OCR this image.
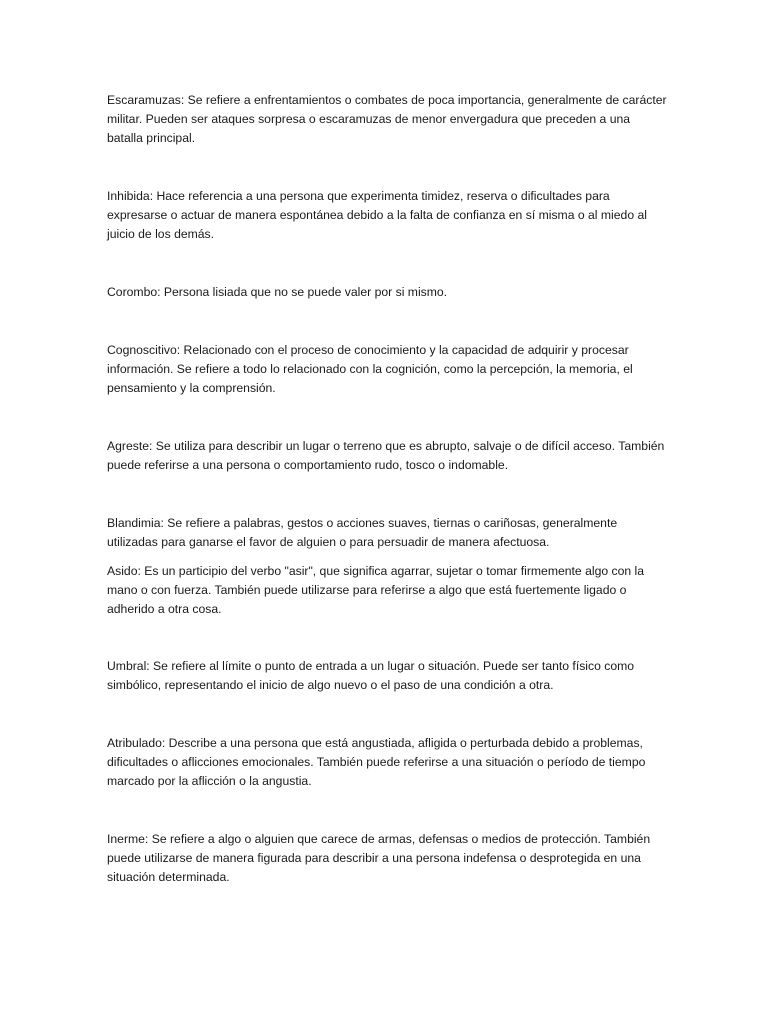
Escaramuzas: Se refiere a enfrentamientos o combates de poca importancia, generalmente de carácter militar. Pueden ser ataques sorpresa o escaramuzas de menor envergadura que preceden a una batalla principal.

Inhibida: Hace referencia a una persona que experimenta timidez, reserva o dificultades para expresarse o actuar de manera espontánea debido a la falta de confianza en sí misma o al miedo al juicio de los demás.

Corombo: Persona lisiada que no se puede valer por si mismo.

Cognoscitivo: Relacionado con el proceso de conocimiento y la capacidad de adquirir y procesar información. Se refiere a todo lo relacionado con la cognición, como la percepción, la memoria, el pensamiento y la comprensión.

Agreste: Se utiliza para describir un lugar o terreno que es abrupto, salvaje o de difícil acceso. También puede referirse a una persona o comportamiento rudo, tosco o indomable.

Blandimia: Se refiere a palabras, gestos o acciones suaves, tiernas o cariñosas, generalmente utilizadas para ganarse el favor de alguien o para persuadir de manera afectuosa.

Asido: Es un participio del verbo "asir", que significa agarrar, sujetar o tomar firmemente algo con la mano o con fuerza. También puede utilizarse para referirse a algo que está fuertemente ligado o adherido a otra cosa.

Umbral: Se refiere al límite o punto de entrada a un lugar o situación. Puede ser tanto físico como simbólico, representando el inicio de algo nuevo o el paso de una condición a otra.

Atribulado: Describe a una persona que está angustiada, afligida o perturbada debido a problemas, dificultades o aflicciones emocionales. También puede referirse a una situación o período de tiempo marcado por la aflicción o la angustia.

Inerme: Se refiere a algo o alguien que carece de armas, defensas o medios de protección. También puede utilizarse de manera figurada para describir a una persona indefensa o desprotegida en una situación determinada.
